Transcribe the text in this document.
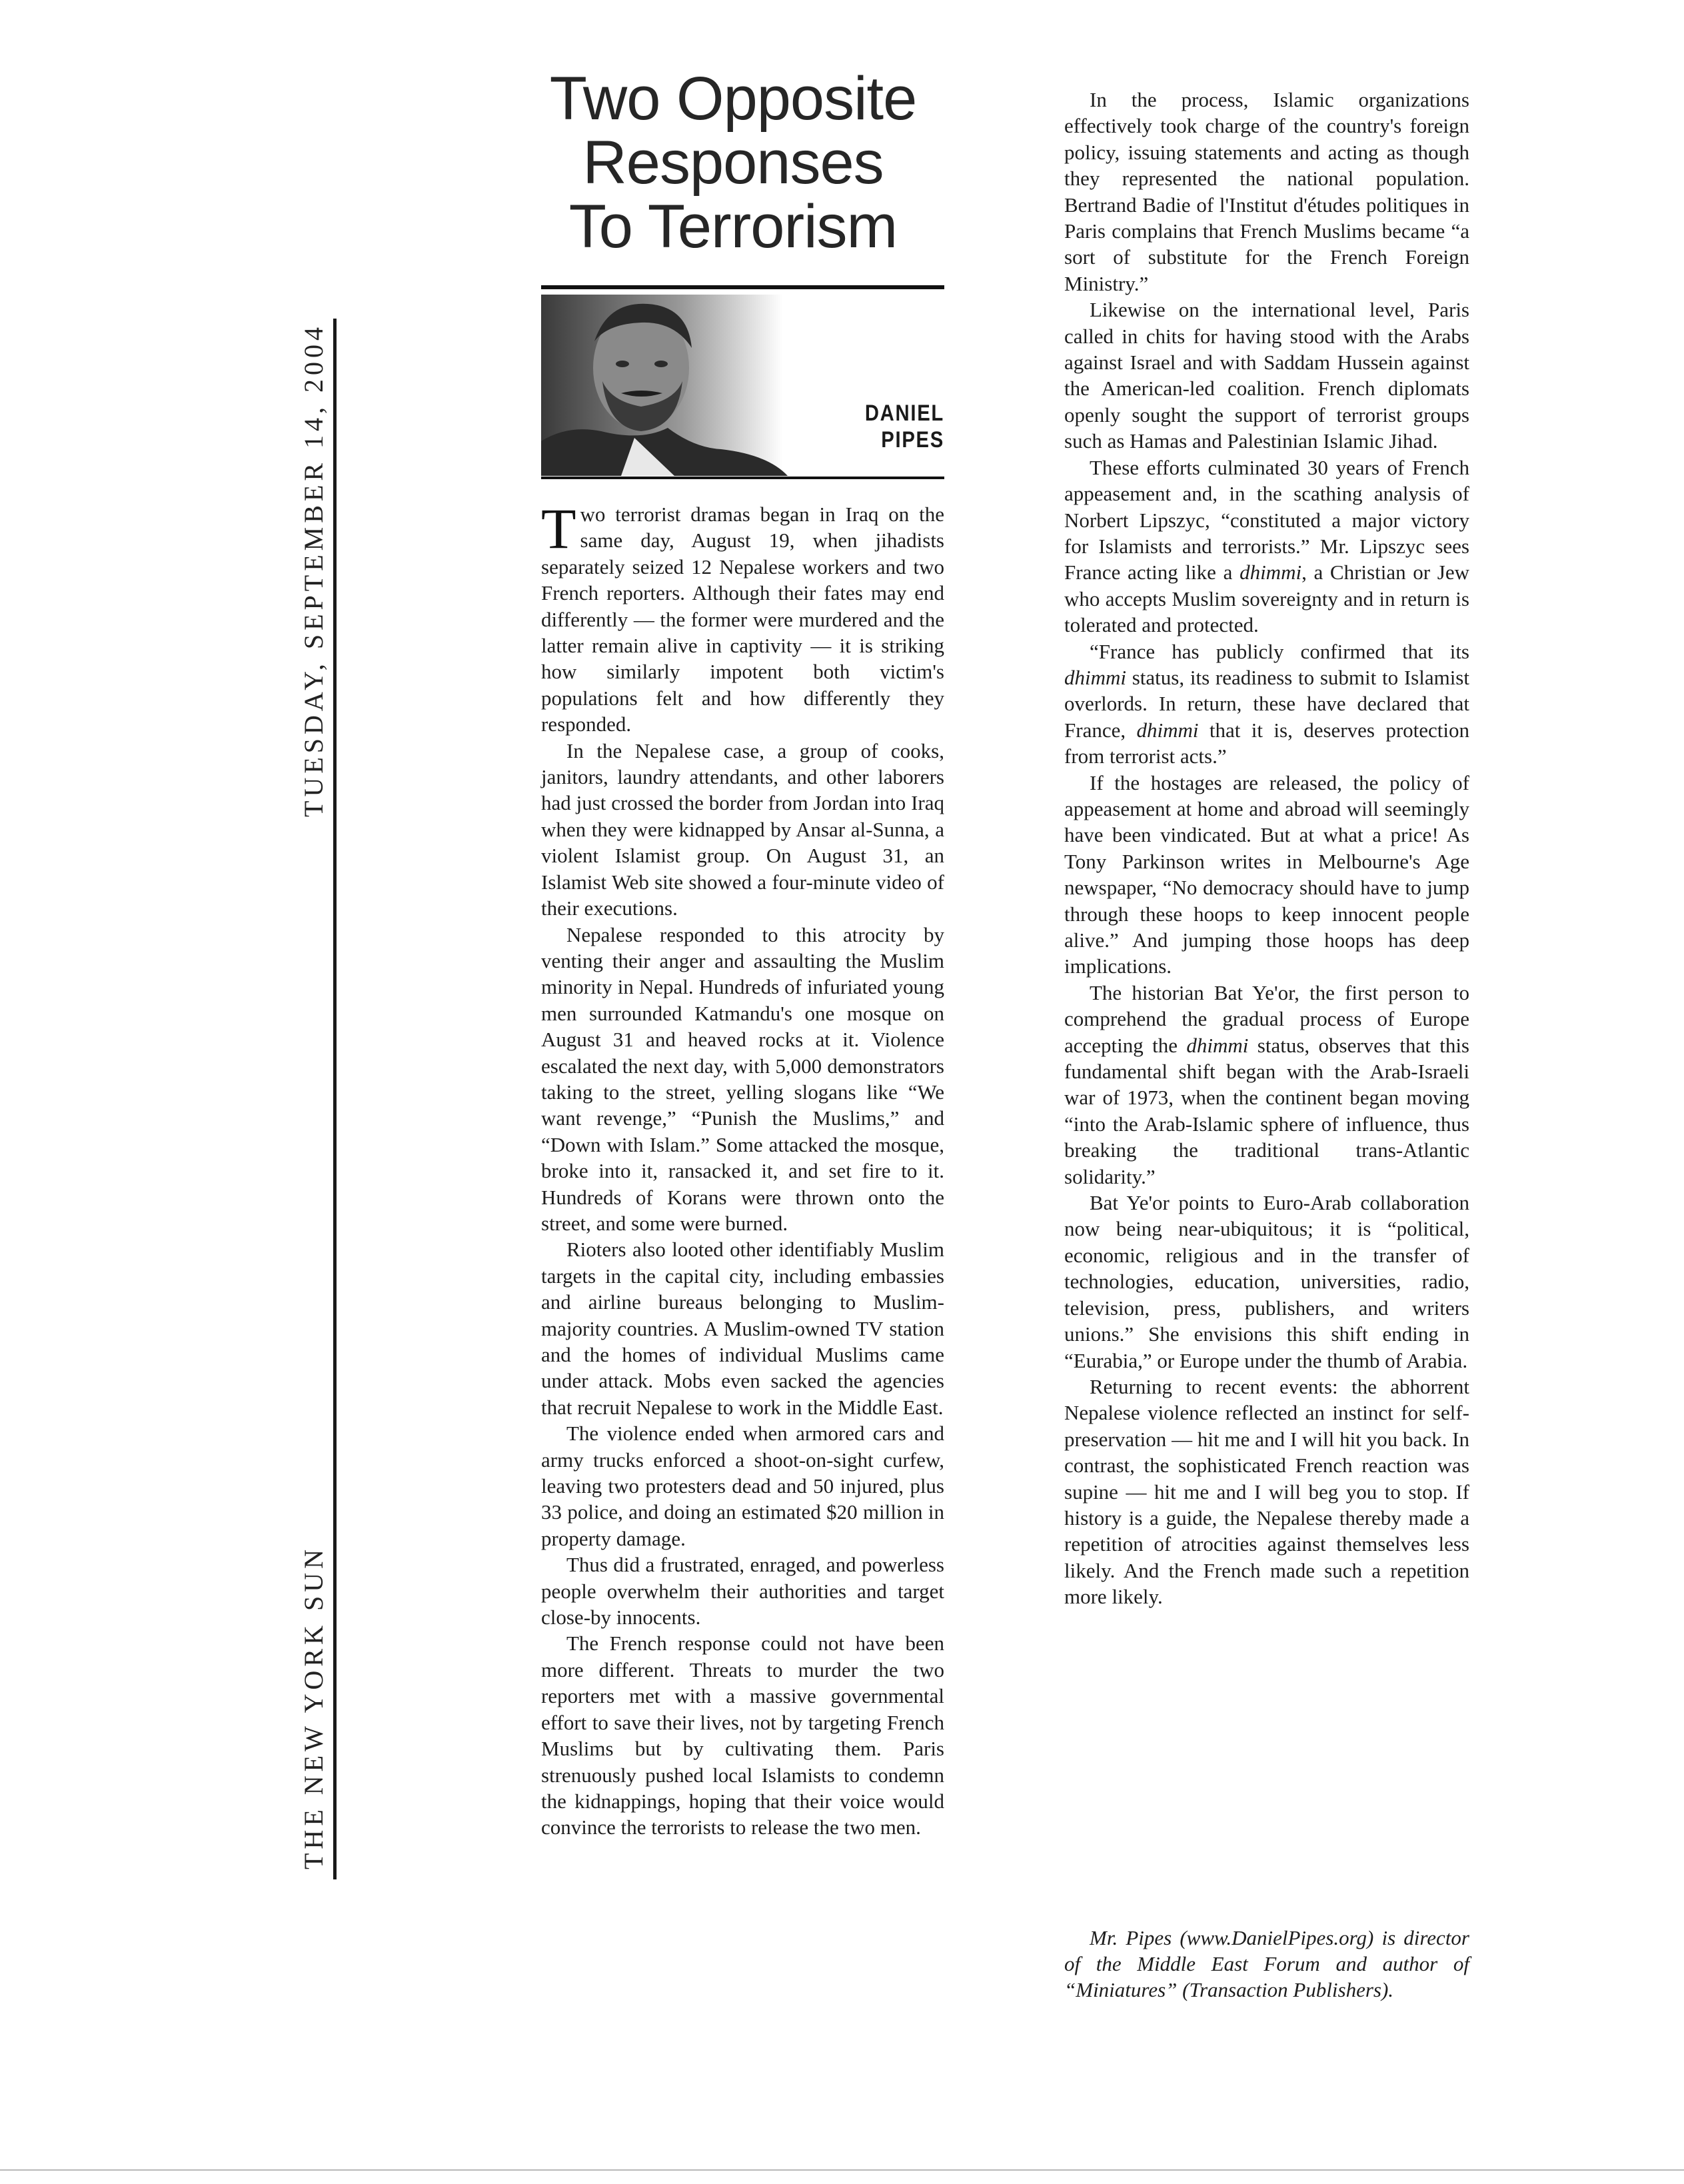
THE NEW YORK SUN
TUESDAY, SEPTEMBER 14, 2004
Two Opposite
Responses
To Terrorism
DANIEL
PIPES

Two terrorist dramas began in Iraq on the same day, August 19, when jihadists separately seized 12 Nepalese workers and two French reporters. Although their fates may end differently — the former were murdered and the latter remain alive in captivity — it is striking how similarly impotent both victim's populations felt and how differently they responded.

In the Nepalese case, a group of cooks, janitors, laundry attendants, and other laborers had just crossed the border from Jordan into Iraq when they were kidnapped by Ansar al-Sunna, a violent Islamist group. On August 31, an Islamist Web site showed a four-minute video of their executions.

Nepalese responded to this atrocity by venting their anger and assaulting the Muslim minority in Nepal. Hundreds of infuriated young men surrounded Katmandu's one mosque on August 31 and heaved rocks at it. Violence escalated the next day, with 5,000 demonstrators taking to the street, yelling slogans like “We want revenge,” “Punish the Muslims,” and “Down with Islam.” Some attacked the mosque, broke into it, ransacked it, and set fire to it. Hundreds of Korans were thrown onto the street, and some were burned.

Rioters also looted other identifiably Muslim targets in the capital city, including embassies and airline bureaus belonging to Muslim-majority countries. A Muslim-owned TV station and the homes of individual Muslims came under attack. Mobs even sacked the agencies that recruit Nepalese to work in the Middle East.

The violence ended when armored cars and army trucks enforced a shoot-on-sight curfew, leaving two protesters dead and 50 injured, plus 33 police, and doing an estimated $20 million in property damage.

Thus did a frustrated, enraged, and powerless people overwhelm their authorities and target close-by innocents.

The French response could not have been more different. Threats to murder the two reporters met with a massive governmental effort to save their lives, not by targeting French Muslims but by cultivating them. Paris strenuously pushed local Islamists to condemn the kidnappings, hoping that their voice would convince the terrorists to release the two men.

In the process, Islamic organizations effectively took charge of the country's foreign policy, issuing statements and acting as though they represented the national population. Bertrand Badie of l'Institut d'études politiques in Paris complains that French Muslims became “a sort of substitute for the French Foreign Ministry.”

Likewise on the international level, Paris called in chits for having stood with the Arabs against Israel and with Saddam Hussein against the American-led coalition. French diplomats openly sought the support of terrorist groups such as Hamas and Palestinian Islamic Jihad.

These efforts culminated 30 years of French appeasement and, in the scathing analysis of Norbert Lipszyc, “constituted a major victory for Islamists and terrorists.” Mr. Lipszyc sees France acting like a dhimmi, a Christian or Jew who accepts Muslim sovereignty and in return is tolerated and protected.

“France has publicly confirmed that its dhimmi status, its readiness to submit to Islamist overlords. In return, these have declared that France, dhimmi that it is, deserves protection from terrorist acts.”

If the hostages are released, the policy of appeasement at home and abroad will seemingly have been vindicated. But at what a price! As Tony Parkinson writes in Melbourne's Age newspaper, “No democracy should have to jump through these hoops to keep innocent people alive.” And jumping those hoops has deep implications.

The historian Bat Ye'or, the first person to comprehend the gradual process of Europe accepting the dhimmi status, observes that this fundamental shift began with the Arab-Israeli war of 1973, when the continent began moving “into the Arab-Islamic sphere of influence, thus breaking the traditional trans-Atlantic solidarity.”

Bat Ye'or points to Euro-Arab collaboration now being near-ubiquitous; it is “political, economic, religious and in the transfer of technologies, education, universities, radio, television, press, publishers, and writers unions.” She envisions this shift ending in “Eurabia,” or Europe under the thumb of Arabia.

Returning to recent events: the abhorrent Nepalese violence reflected an instinct for self-preservation — hit me and I will hit you back. In contrast, the sophisticated French reaction was supine — hit me and I will beg you to stop. If history is a guide, the Nepalese thereby made a repetition of atrocities against themselves less likely. And the French made such a repetition more likely.

Mr. Pipes (www.DanielPipes.org) is director of the Middle East Forum and author of “Miniatures” (Transaction Publishers).
